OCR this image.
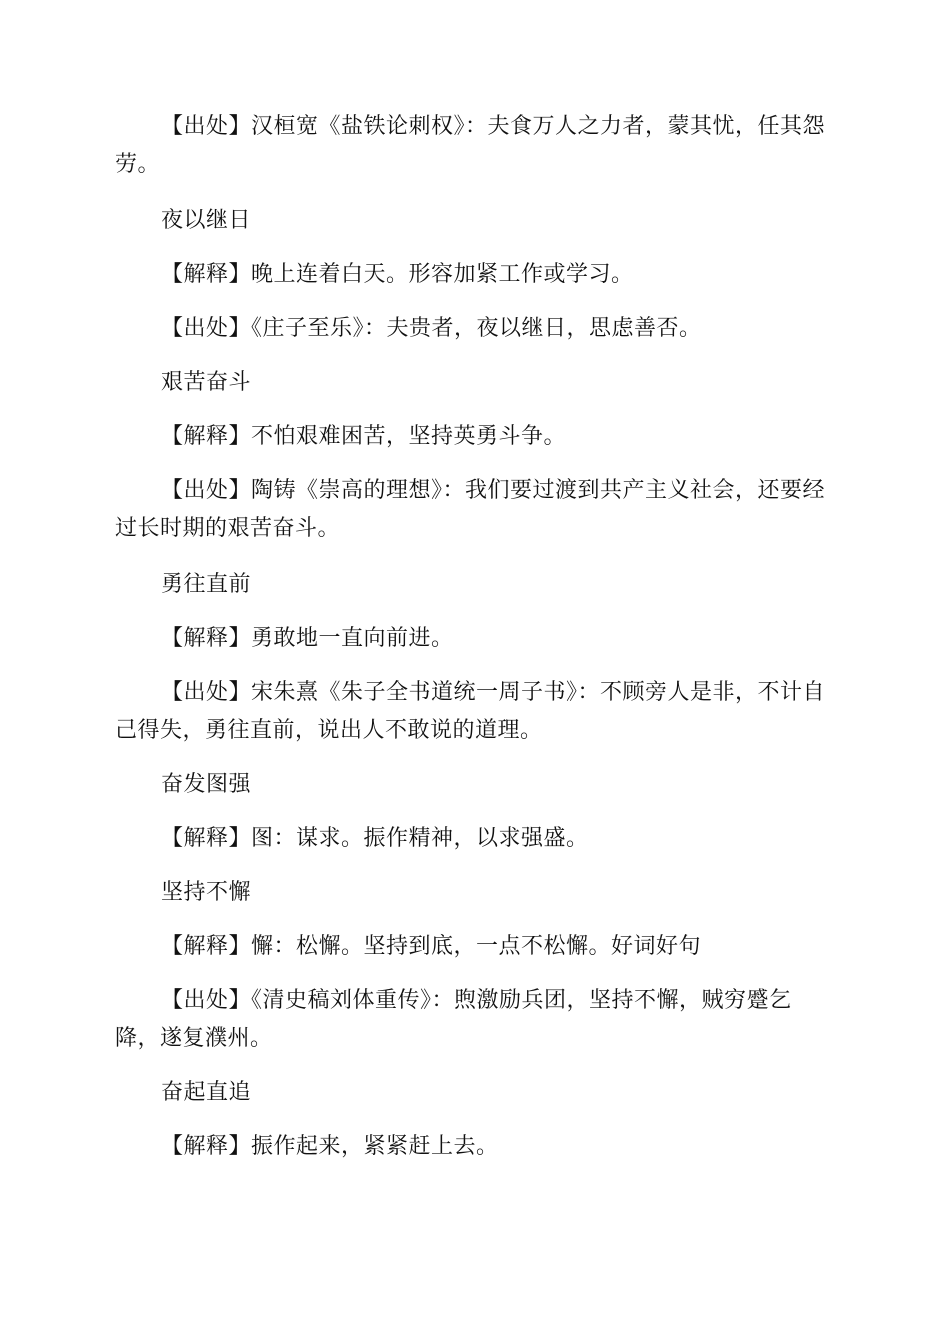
【出处】汉桓宽《盐铁论刺权》：夫食万人之力者，蒙其忧，任其怨劳。

夜以继日

【解释】晚上连着白天。形容加紧工作或学习。

【出处】《庄子至乐》：夫贵者，夜以继日，思虑善否。

艰苦奋斗

【解释】不怕艰难困苦，坚持英勇斗争。

【出处】陶铸《崇高的理想》：我们要过渡到共产主义社会，还要经过长时期的艰苦奋斗。

勇往直前

【解释】勇敢地一直向前进。

【出处】宋朱熹《朱子全书道统一周子书》：不顾旁人是非，不计自己得失，勇往直前，说出人不敢说的道理。

奋发图强

【解释】图：谋求。振作精神，以求强盛。

坚持不懈

【解释】懈：松懈。坚持到底，一点不松懈。好词好句

【出处】《清史稿刘体重传》：煦激励兵团，坚持不懈，贼穷蹙乞降，遂复濮州。

奋起直追

【解释】振作起来，紧紧赶上去。
